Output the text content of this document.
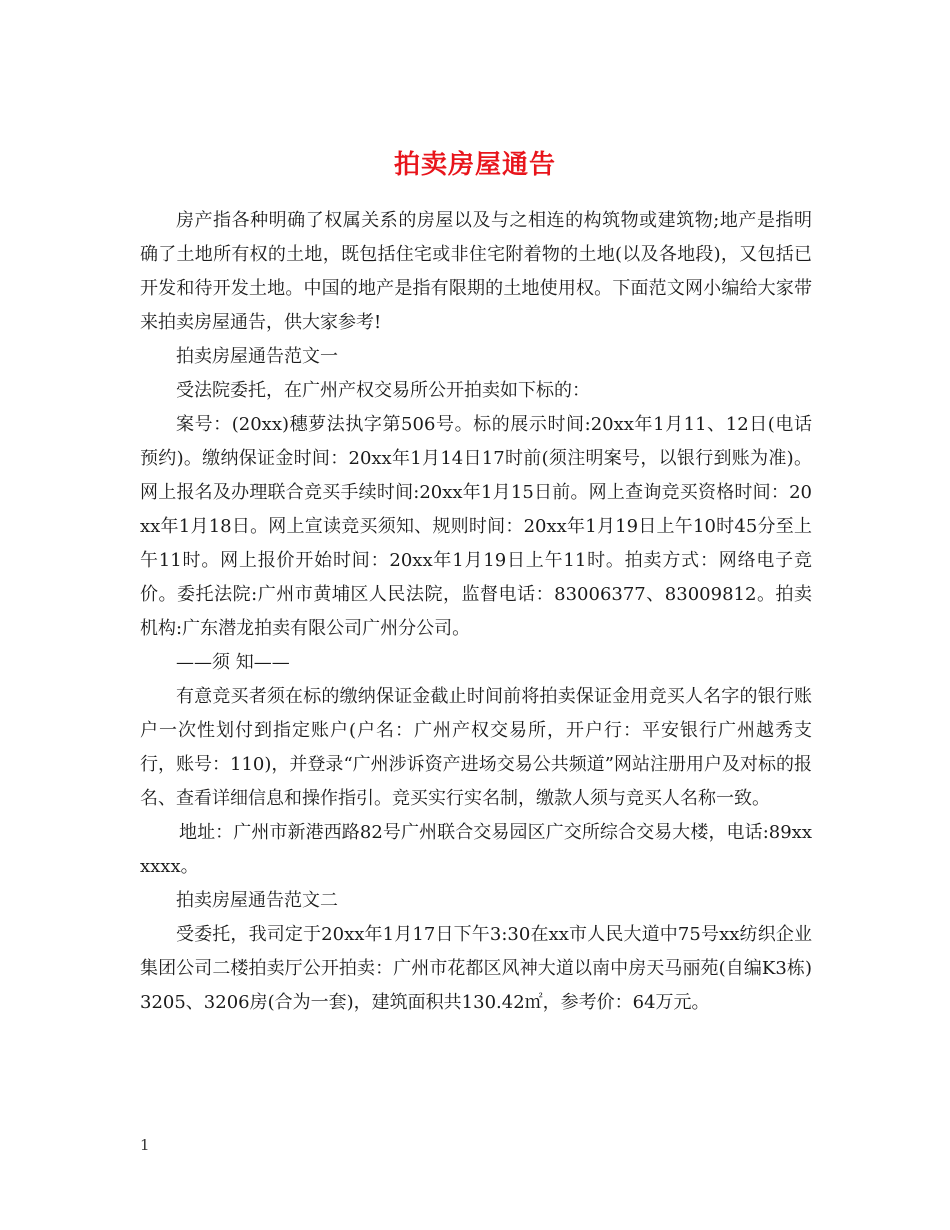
拍卖房屋通告

房产指各种明确了权属关系的房屋以及与之相连的构筑物或建筑物;地产是指明确了土地所有权的土地，既包括住宅或非住宅附着物的土地(以及各地段)，又包括已开发和待开发土地。中国的地产是指有限期的土地使用权。下面范文网小编给大家带来拍卖房屋通告，供大家参考!

拍卖房屋通告范文一

受法院委托，在广州产权交易所公开拍卖如下标的：

案号：(20xx)穗萝法执字第506号。标的展示时间:20xx年1月11、12日(电话预约)。缴纳保证金时间：20xx年1月14日17时前(须注明案号，以银行到账为准)。网上报名及办理联合竞买手续时间:20xx年1月15日前。网上查询竞买资格时间：20xx年1月18日。网上宣读竞买须知、规则时间：20xx年1月19日上午10时45分至上午11时。网上报价开始时间：20xx年1月19日上午11时。拍卖方式：网络电子竞价。委托法院:广州市黄埔区人民法院，监督电话：83006377、83009812。拍卖机构:广东潜龙拍卖有限公司广州分公司。

——须 知——

有意竞买者须在标的缴纳保证金截止时间前将拍卖保证金用竞买人名字的银行账户一次性划付到指定账户(户名：广州产权交易所，开户行：平安银行广州越秀支行，账号：110)，并登录“广州涉诉资产进场交易公共频道”网站注册用户及对标的报名、查看详细信息和操作指引。竞买实行实名制，缴款人须与竞买人名称一致。

地址：广州市新港西路82号广州联合交易园区广交所综合交易大楼，电话:89xxxxxx。

拍卖房屋通告范文二

受委托，我司定于20xx年1月17日下午3:30在xx市人民大道中75号xx纺织企业集团公司二楼拍卖厅公开拍卖：广州市花都区风神大道以南中房天马丽苑(自编K3栋)3205、3206房(合为一套)，建筑面积共130.42㎡，参考价：64万元。

1
